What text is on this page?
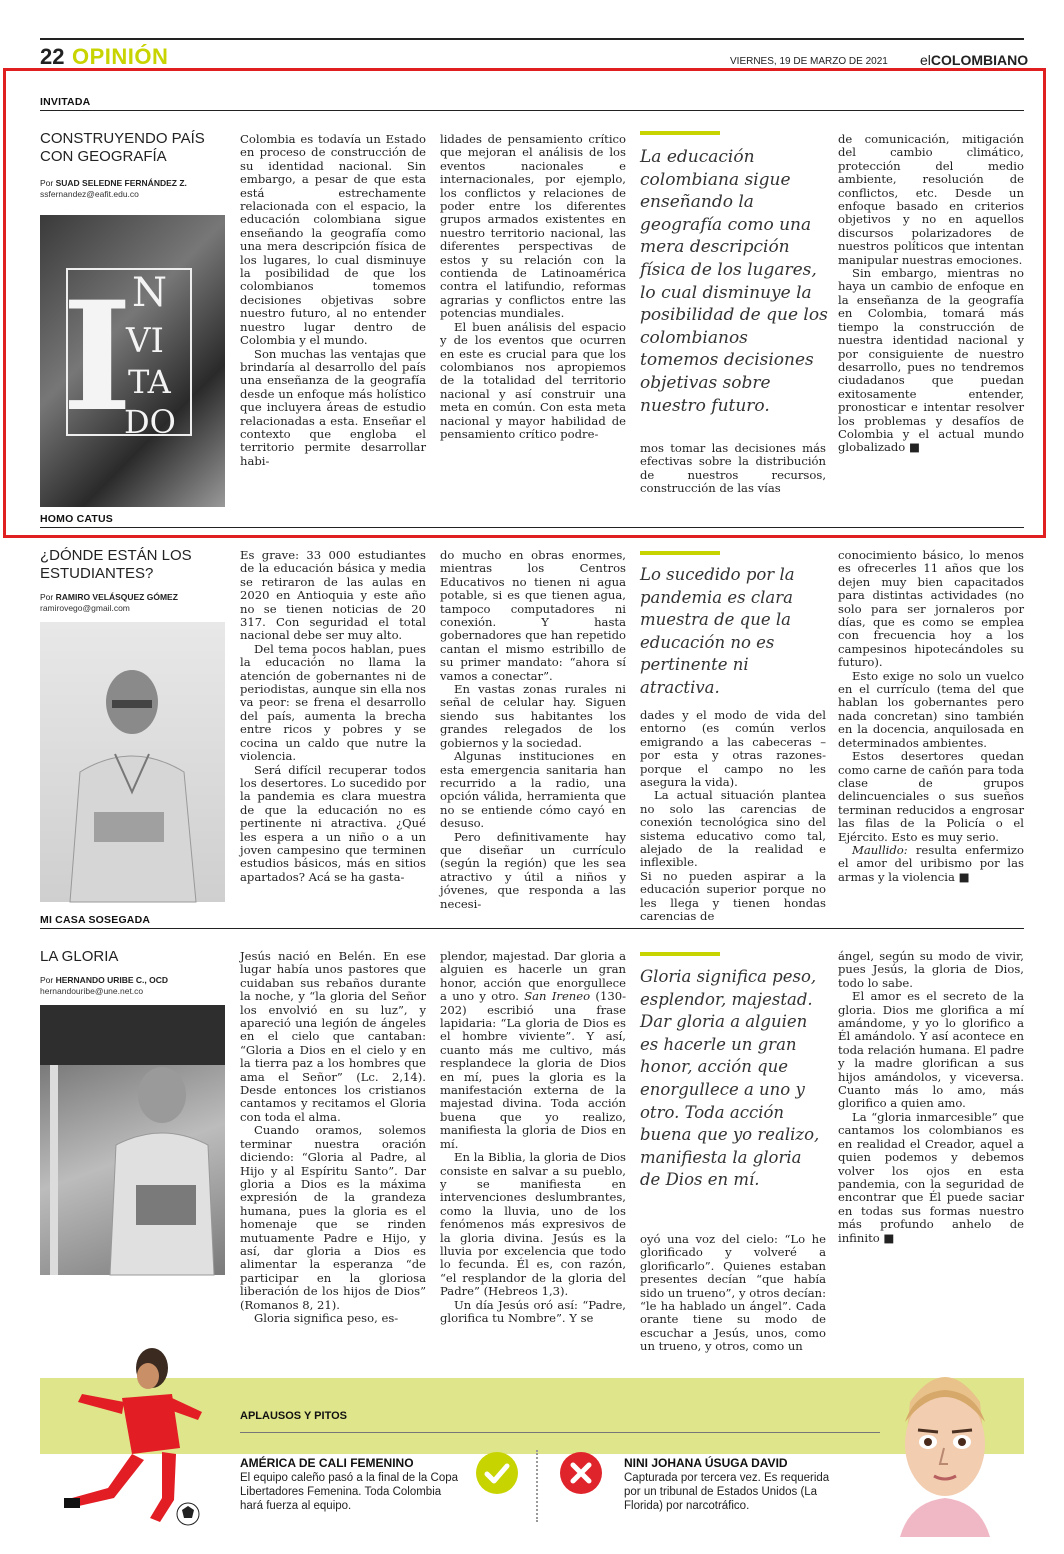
22 OPINIÓN	VIERNES, 19 DE MARZO DE 2021 elCOLOMBIANO
INVITADA
CONSTRUYENDO PAÍS CON GEOGRAFÍA
Por SUAD SELEDNE FERNÁNDEZ Z.
ssfernandez@eafit.edu.co
I N
VI
TA
DO

Colombia es todavía un Estado en proceso de construcción de su identidad nacional. Sin embargo, a pesar de que esta está estrechamente relacionada con el espacio, la educación colombiana sigue enseñando la geografía como una mera descripción física de los lugares, lo cual disminuye la posibilidad de que los colombianos tomemos decisiones objetivas sobre nuestro futuro, al no entender nuestro lugar dentro de Colombia y el mundo.

Son muchas las ventajas que brindaría al desarrollo del país una enseñanza de la geografía desde un enfoque más holístico que incluyera áreas de estudio relacionadas a esta. Enseñar el contexto que engloba el territorio permite desarrollar habi-

lidades de pensamiento crítico que mejoran el análisis de los eventos nacionales e internacionales, por ejemplo, los conflictos y relaciones de poder entre los diferentes grupos armados existentes en nuestro territorio nacional, las diferentes perspectivas de estos y su relación con la contienda de Latinoamérica contra el latifundio, reformas agrarias y conflictos entre las potencias mundiales.

El buen análisis del espacio y de los eventos que ocurren en este es crucial para que los colombianos nos apropiemos de la totalidad del territorio nacional y así construir una meta en común. Con esta meta nacional y mayor habilidad de pensamiento crítico podre-

La educación colombiana sigue enseñando la geografía como una mera descripción física de los lugares, lo cual disminuye la posibilidad de que los colombianos tomemos decisiones objetivas sobre nuestro futuro.

mos tomar las decisiones más efectivas sobre la distribución de nuestros recursos, construcción de las vías

de comunicación, mitigación del cambio climático, protección del medio ambiente, resolución de conflictos, etc. Desde un enfoque basado en criterios objetivos y no en aquellos discursos polarizadores de nuestros políticos que intentan manipular nuestras emociones.

Sin embargo, mientras no haya un cambio de enfoque en la enseñanza de la geografía en Colombia, tomará más tiempo la construcción de nuestra identidad nacional y por consiguiente de nuestro desarrollo, pues no tendremos ciudadanos que puedan exitosamente entender, pronosticar e intentar resolver los problemas y desafíos de Colombia y el actual mundo globalizado ■

HOMO CATUS
¿DÓNDE ESTÁN LOS ESTUDIANTES?
Por RAMIRO VELÁSQUEZ GÓMEZ
ramirovego@gmail.com

Es grave: 33 000 estudiantes de la educación básica y media se retiraron de las aulas en 2020 en Antioquia y este año no se tienen noticias de 20 317. Con seguridad el total nacional debe ser muy alto.

Del tema pocos hablan, pues la educación no llama la atención de gobernantes ni de periodistas, aunque sin ella nos va peor: se frena el desarrollo del país, aumenta la brecha entre ricos y pobres y se cocina un caldo que nutre la violencia.

Será difícil recuperar todos los desertores. Lo sucedido por la pandemia es clara muestra de que la educación no es pertinente ni atractiva. ¿Qué les espera a un niño o a un joven campesino que terminen estudios básicos, más en sitios apartados? Acá se ha gasta-

do mucho en obras enormes, mientras los Centros Educativos no tienen ni agua potable, si es que tienen agua, tampoco computadores ni conexión. Y hasta gobernadores que han repetido cantan el mismo estribillo de su primer mandato: “ahora sí vamos a conectar”.

En vastas zonas rurales ni señal de celular hay. Siguen siendo sus habitantes los grandes relegados de los gobiernos y la sociedad.

Algunas instituciones en esta emergencia sanitaria han recurrido a la radio, una opción válida, herramienta que no se entiende cómo cayó en desuso.

Pero definitivamente hay que diseñar un currículo (según la región) que les sea atractivo y útil a niños y jóvenes, que responda a las necesi-

Lo sucedido por la pandemia es clara muestra de que la educación no es pertinente ni atractiva.

dades y el modo de vida del entorno (es común verlos emigrando a las cabeceras –por esta y otras razones- porque el campo no les asegura la vida).

La actual situación plantea no solo las carencias de conexión tecnológica sino del sistema educativo como tal, alejado de la realidad e inflexible.

Si no pueden aspirar a la educación superior porque no les llega y tienen hondas carencias de

conocimiento básico, lo menos es ofrecerles 11 años que los dejen muy bien capacitados para distintas actividades (no solo para ser jornaleros por días, que es como se emplea con frecuencia hoy a los campesinos hipotecándoles su futuro).

Esto exige no solo un vuelco en el currículo (tema del que hablan los gobernantes pero nada concretan) sino también en la docencia, anquilosada en determinados ambientes.

Estos desertores quedan como carne de cañón para toda clase de grupos delincuenciales o sus sueños terminan reducidos a engrosar las filas de la Policía o el Ejército. Esto es muy serio.

Maullido: resulta enfermizo el amor del uribismo por las armas y la violencia ■

MI CASA SOSEGADA
LA GLORIA
Por HERNANDO URIBE C., OCD
hernandouribe@une.net.co

Jesús nació en Belén. En ese lugar había unos pastores que cuidaban sus rebaños durante la noche, y “la gloria del Señor los envolvió en su luz”, y apareció una legión de ángeles en el cielo que cantaban: “Gloria a Dios en el cielo y en la tierra paz a los hombres que ama el Señor” (Lc. 2,14). Desde entonces los cristianos cantamos y recitamos el Gloria con toda el alma.

Cuando oramos, solemos terminar nuestra oración diciendo: “Gloria al Padre, al Hijo y al Espíritu Santo”. Dar gloria a Dios es la máxima expresión de la grandeza humana, pues la gloria es el homenaje que se rinden mutuamente Padre e Hijo, y así, dar gloria a Dios es alimentar la esperanza “de participar en la gloriosa liberación de los hijos de Dios” (Romanos 8, 21).

Gloria significa peso, es-

plendor, majestad. Dar gloria a alguien es hacerle un gran honor, acción que enorgullece a uno y otro. San Ireneo (130-202) escribió una frase lapidaria: “La gloria de Dios es el hombre viviente”. Y así, cuanto más me cultivo, más resplandece la gloria de Dios en mí, pues la gloria es la manifestación externa de la majestad divina. Toda acción buena que yo realizo, manifiesta la gloria de Dios en mí.

En la Biblia, la gloria de Dios consiste en salvar a su pueblo, y se manifiesta en intervenciones deslumbrantes, como la lluvia, uno de los fenómenos más expresivos de la gloria divina. Jesús es la lluvia por excelencia que todo lo fecunda. Él es, con razón, “el resplandor de la gloria del Padre” (Hebreos 1,3).

Un día Jesús oró así: “Padre, glorifica tu Nombre”. Y se

Gloria significa peso, esplendor, majestad. Dar gloria a alguien es hacerle un gran honor, acción que enorgullece a uno y otro. Toda acción buena que yo realizo, manifiesta la gloria de Dios en mí.

oyó una voz del cielo: “Lo he glorificado y volveré a glorificarlo”. Quienes estaban presentes decían “que había sido un trueno”, y otros decían: “le ha hablado un ángel”. Cada orante tiene su modo de escuchar a Jesús, unos, como un trueno, y otros, como un

ángel, según su modo de vivir, pues Jesús, la gloria de Dios, todo lo sabe.

El amor es el secreto de la gloria. Dios me glorifica a mí amándome, y yo lo glorifico a Él amándolo. Y así acontece en toda relación humana. El padre y la madre glorifican a sus hijos amándolos, y viceversa. Cuanto más lo amo, más glorifico a quien amo.

La “gloria inmarcesible” que cantamos los colombianos es en realidad el Creador, aquel a quien podemos y debemos volver los ojos en esta pandemia, con la seguridad de encontrar que Él puede saciar en todas sus formas nuestro más profundo anhelo de infinito ■

APLAUSOS Y PITOS
AMÉRICA DE CALI FEMENINO
El equipo caleño pasó a la final de la Copa Libertadores Femenina. Toda Colombia hará fuerza al equipo.
NINI JOHANA ÚSUGA DAVID
Capturada por tercera vez. Es requerida por un tribunal de Estados Unidos (La Florida) por narcotráfico.
